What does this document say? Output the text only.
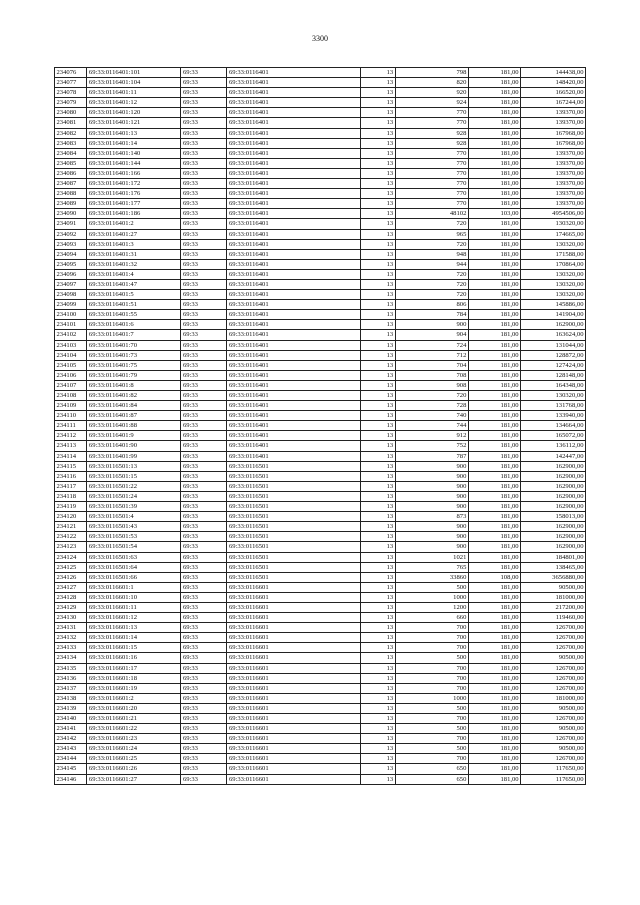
3300
234076	69:33:0116401:101	69:33	69:33:0116401	13	798	181,00	144438,00
234077	69:33:0116401:104	69:33	69:33:0116401	13	820	181,00	148420,00
234078	69:33:0116401:11	69:33	69:33:0116401	13	920	181,00	166520,00
234079	69:33:0116401:12	69:33	69:33:0116401	13	924	181,00	167244,00
234080	69:33:0116401:120	69:33	69:33:0116401	13	770	181,00	139370,00
234081	69:33:0116401:121	69:33	69:33:0116401	13	770	181,00	139370,00
234082	69:33:0116401:13	69:33	69:33:0116401	13	928	181,00	167968,00
234083	69:33:0116401:14	69:33	69:33:0116401	13	928	181,00	167968,00
234084	69:33:0116401:140	69:33	69:33:0116401	13	770	181,00	139370,00
234085	69:33:0116401:144	69:33	69:33:0116401	13	770	181,00	139370,00
234086	69:33:0116401:166	69:33	69:33:0116401	13	770	181,00	139370,00
234087	69:33:0116401:172	69:33	69:33:0116401	13	770	181,00	139370,00
234088	69:33:0116401:176	69:33	69:33:0116401	13	770	181,00	139370,00
234089	69:33:0116401:177	69:33	69:33:0116401	13	770	181,00	139370,00
234090	69:33:0116401:186	69:33	69:33:0116401	13	48102	103,00	4954506,00
234091	69:33:0116401:2	69:33	69:33:0116401	13	720	181,00	130320,00
234092	69:33:0116401:27	69:33	69:33:0116401	13	965	181,00	174665,00
234093	69:33:0116401:3	69:33	69:33:0116401	13	720	181,00	130320,00
234094	69:33:0116401:31	69:33	69:33:0116401	13	948	181,00	171588,00
234095	69:33:0116401:32	69:33	69:33:0116401	13	944	181,00	170864,00
234096	69:33:0116401:4	69:33	69:33:0116401	13	720	181,00	130320,00
234097	69:33:0116401:47	69:33	69:33:0116401	13	720	181,00	130320,00
234098	69:33:0116401:5	69:33	69:33:0116401	13	720	181,00	130320,00
234099	69:33:0116401:51	69:33	69:33:0116401	13	806	181,00	145886,00
234100	69:33:0116401:55	69:33	69:33:0116401	13	784	181,00	141904,00
234101	69:33:0116401:6	69:33	69:33:0116401	13	900	181,00	162900,00
234102	69:33:0116401:7	69:33	69:33:0116401	13	904	181,00	163624,00
234103	69:33:0116401:70	69:33	69:33:0116401	13	724	181,00	131044,00
234104	69:33:0116401:73	69:33	69:33:0116401	13	712	181,00	128872,00
234105	69:33:0116401:75	69:33	69:33:0116401	13	704	181,00	127424,00
234106	69:33:0116401:79	69:33	69:33:0116401	13	708	181,00	128148,00
234107	69:33:0116401:8	69:33	69:33:0116401	13	908	181,00	164348,00
234108	69:33:0116401:82	69:33	69:33:0116401	13	720	181,00	130320,00
234109	69:33:0116401:84	69:33	69:33:0116401	13	728	181,00	131768,00
234110	69:33:0116401:87	69:33	69:33:0116401	13	740	181,00	133940,00
234111	69:33:0116401:88	69:33	69:33:0116401	13	744	181,00	134664,00
234112	69:33:0116401:9	69:33	69:33:0116401	13	912	181,00	165072,00
234113	69:33:0116401:90	69:33	69:33:0116401	13	752	181,00	136112,00
234114	69:33:0116401:99	69:33	69:33:0116401	13	787	181,00	142447,00
234115	69:33:0116501:13	69:33	69:33:0116501	13	900	181,00	162900,00
234116	69:33:0116501:15	69:33	69:33:0116501	13	900	181,00	162900,00
234117	69:33:0116501:22	69:33	69:33:0116501	13	900	181,00	162900,00
234118	69:33:0116501:24	69:33	69:33:0116501	13	900	181,00	162900,00
234119	69:33:0116501:39	69:33	69:33:0116501	13	900	181,00	162900,00
234120	69:33:0116501:4	69:33	69:33:0116501	13	873	181,00	158013,00
234121	69:33:0116501:43	69:33	69:33:0116501	13	900	181,00	162900,00
234122	69:33:0116501:53	69:33	69:33:0116501	13	900	181,00	162900,00
234123	69:33:0116501:54	69:33	69:33:0116501	13	900	181,00	162900,00
234124	69:33:0116501:63	69:33	69:33:0116501	13	1021	181,00	184801,00
234125	69:33:0116501:64	69:33	69:33:0116501	13	765	181,00	138465,00
234126	69:33:0116501:66	69:33	69:33:0116501	13	33860	108,00	3656880,00
234127	69:33:0116601:1	69:33	69:33:0116601	13	500	181,00	90500,00
234128	69:33:0116601:10	69:33	69:33:0116601	13	1000	181,00	181000,00
234129	69:33:0116601:11	69:33	69:33:0116601	13	1200	181,00	217200,00
234130	69:33:0116601:12	69:33	69:33:0116601	13	660	181,00	119460,00
234131	69:33:0116601:13	69:33	69:33:0116601	13	700	181,00	126700,00
234132	69:33:0116601:14	69:33	69:33:0116601	13	700	181,00	126700,00
234133	69:33:0116601:15	69:33	69:33:0116601	13	700	181,00	126700,00
234134	69:33:0116601:16	69:33	69:33:0116601	13	500	181,00	90500,00
234135	69:33:0116601:17	69:33	69:33:0116601	13	700	181,00	126700,00
234136	69:33:0116601:18	69:33	69:33:0116601	13	700	181,00	126700,00
234137	69:33:0116601:19	69:33	69:33:0116601	13	700	181,00	126700,00
234138	69:33:0116601:2	69:33	69:33:0116601	13	1000	181,00	181000,00
234139	69:33:0116601:20	69:33	69:33:0116601	13	500	181,00	90500,00
234140	69:33:0116601:21	69:33	69:33:0116601	13	700	181,00	126700,00
234141	69:33:0116601:22	69:33	69:33:0116601	13	500	181,00	90500,00
234142	69:33:0116601:23	69:33	69:33:0116601	13	700	181,00	126700,00
234143	69:33:0116601:24	69:33	69:33:0116601	13	500	181,00	90500,00
234144	69:33:0116601:25	69:33	69:33:0116601	13	700	181,00	126700,00
234145	69:33:0116601:26	69:33	69:33:0116601	13	650	181,00	117650,00
234146	69:33:0116601:27	69:33	69:33:0116601	13	650	181,00	117650,00
